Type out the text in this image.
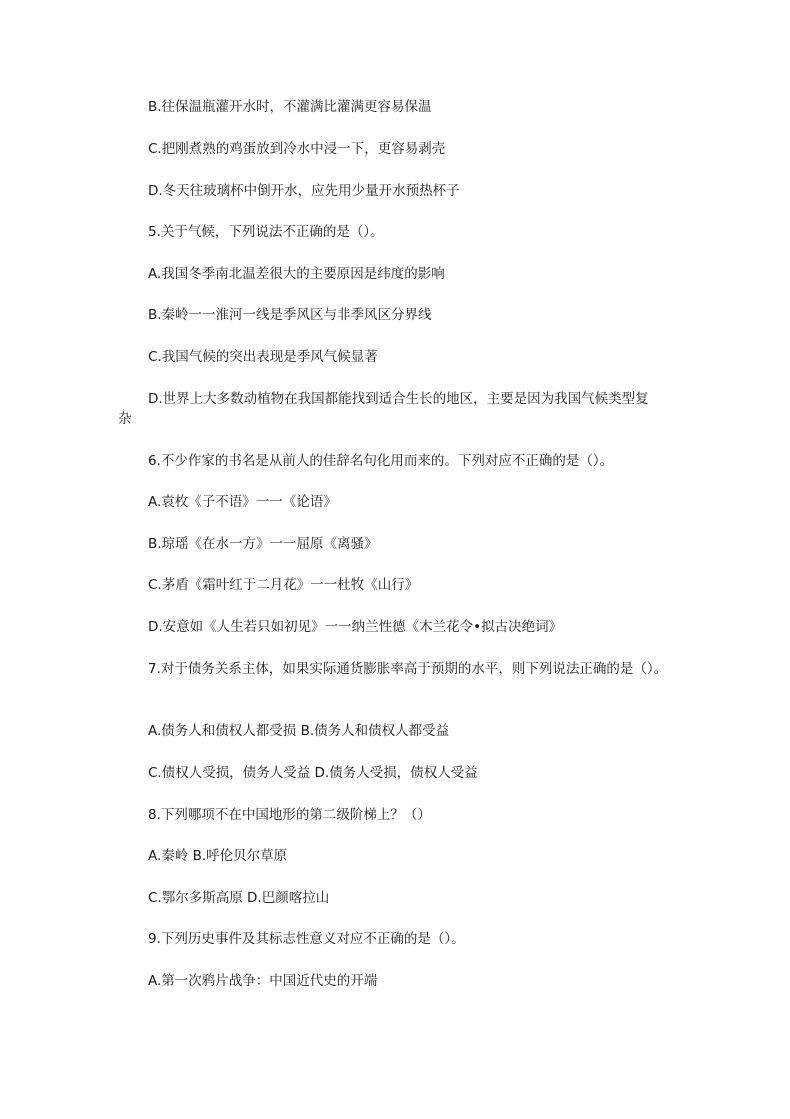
B.往保温瓶灌开水时，不灌满比灌满更容易保温
C.把刚煮熟的鸡蛋放到冷水中浸一下，更容易剥壳
D.冬天往玻璃杯中倒开水，应先用少量开水预热杯子
5.关于气候，下列说法不正确的是（）。
A.我国冬季南北温差很大的主要原因是纬度的影响
B.秦岭一一淮河一线是季风区与非季风区分界线
C.我国气候的突出表现是季风气候显著
D.世界上大多数动植物在我国都能找到适合生长的地区，主要是因为我国气候类型复
杂
6.不少作家的书名是从前人的佳辞名句化用而来的。下列对应不正确的是（）。
A.袁枚《子不语》一一《论语》
B.琼瑶《在水一方》一一屈原《离骚》
C.茅盾《霜叶红于二月花》一一杜牧《山行》
D.安意如《人生若只如初见》一一纳兰性德《木兰花令•拟古决绝词》
7.对于债务关系主体，如果实际通货膨胀率高于预期的水平，则下列说法正确的是（）。
A.债务人和债权人都受损 B.债务人和债权人都受益
C.债权人受损，债务人受益 D.债务人受损，债权人受益
8.下列哪项不在中国地形的第二级阶梯上？（）
A.秦岭 B.呼伦贝尔草原
C.鄂尔多斯高原 D.巴颜喀拉山
9.下列历史事件及其标志性意义对应不正确的是（）。
A.第一次鸦片战争：中国近代史的开端
